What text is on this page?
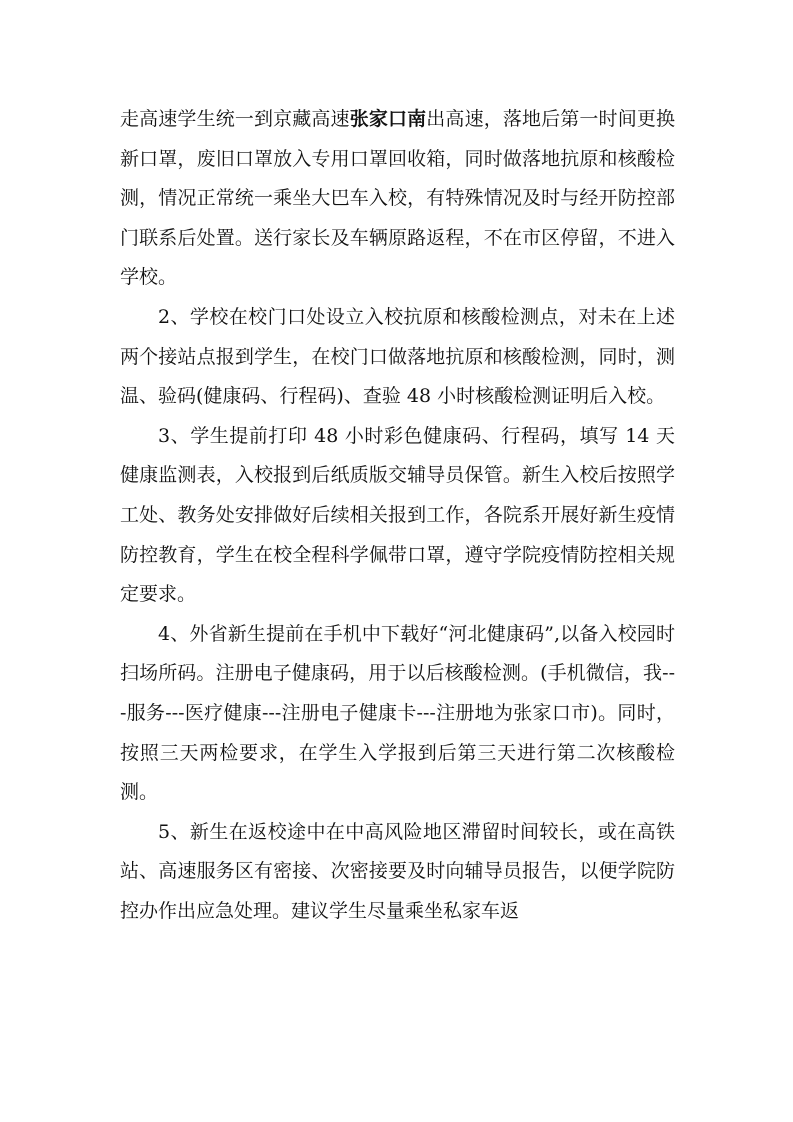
走高速学生统一到京藏高速张家口南出高速，落地后第一时间更换新口罩，废旧口罩放入专用口罩回收箱，同时做落地抗原和核酸检测，情况正常统一乘坐大巴车入校，有特殊情况及时与经开防控部门联系后处置。送行家长及车辆原路返程，不在市区停留，不进入学校。

2、学校在校门口处设立入校抗原和核酸检测点，对未在上述两个接站点报到学生，在校门口做落地抗原和核酸检测，同时，测温、验码(健康码、行程码)、查验 48 小时核酸检测证明后入校。

3、学生提前打印 48 小时彩色健康码、行程码，填写 14 天健康监测表，入校报到后纸质版交辅导员保管。新生入校后按照学工处、教务处安排做好后续相关报到工作，各院系开展好新生疫情防控教育，学生在校全程科学佩带口罩，遵守学院疫情防控相关规定要求。

4、外省新生提前在手机中下载好“河北健康码”,以备入校园时扫场所码。注册电子健康码，用于以后核酸检测。(手机微信，我---服务---医疗健康---注册电子健康卡---注册地为张家口市)。同时，按照三天两检要求，在学生入学报到后第三天进行第二次核酸检测。

5、新生在返校途中在中高风险地区滞留时间较长，或在高铁站、高速服务区有密接、次密接要及时向辅导员报告，以便学院防控办作出应急处理。建议学生尽量乘坐私家车返
